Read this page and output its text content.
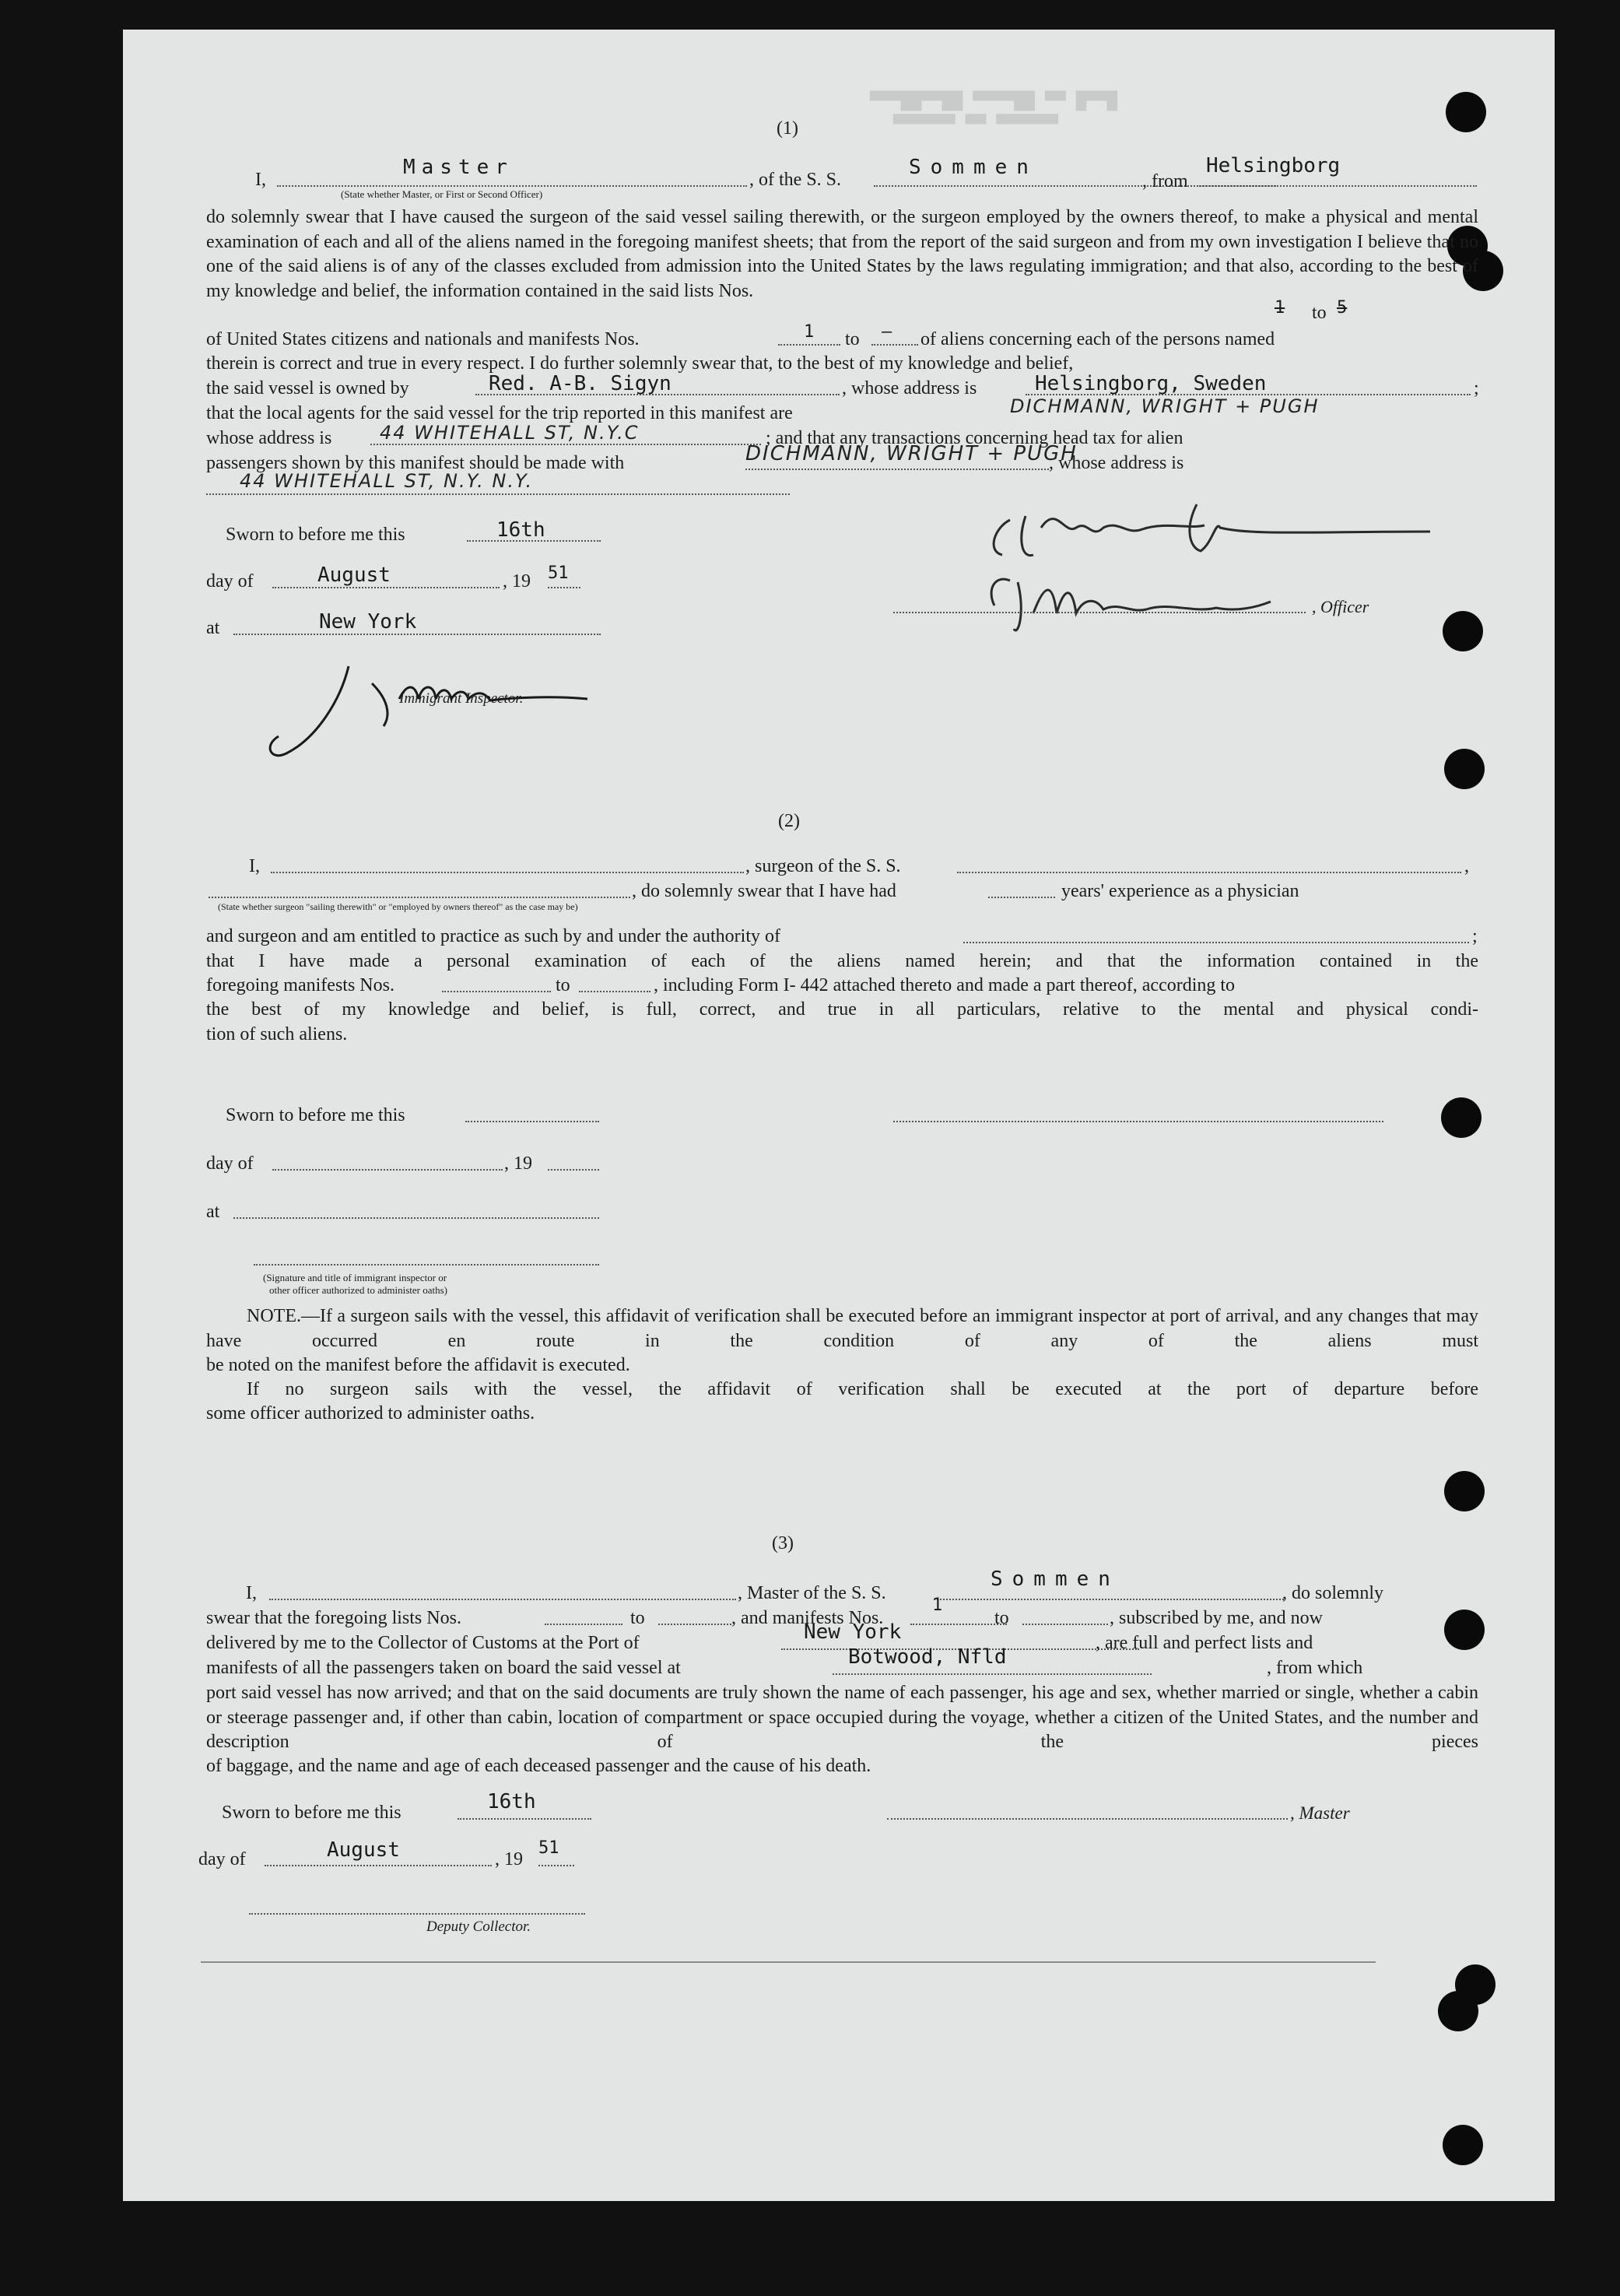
█▀▀█ ▀▀ ██▀▀▀▀ ██▀▀██▀▀▀
▀▀▀▀▀▀ ▀▀ ▀▀▀▀▀▀
(1)
I,
Master
(State whether Master, or First or Second Officer)
, of the S. S.
Sommen
, from
Helsingborg
do solemnly swear that I have caused the surgeon of the said vessel sailing therewith, or the surgeon employed by the owners thereof, to make a physical and mental examination of each and all of the aliens named in the foregoing manifest sheets; that from the report of the said surgeon and from my own investigation I believe that no one of the said aliens is of any of the classes excluded from admission into the United States by the laws regulating immigration; and that also, according to the best of my knowledge and belief, the information contained in the said lists Nos.
1 to 5
of United States citizens and nationals and manifests Nos.	1 to — of aliens concerning each of the persons named
therein is correct and true in every respect. I do further solemnly swear that, to the best of my knowledge and belief,
the said vessel is owned by	Red. A-B. Sigyn	, whose address is	Helsingborg, Sweden	;
that the local agents for the said vessel for the trip reported in this manifest are	DICHMANN, WRIGHT + PUGH
whose address is	44 WHITEHALL ST, N.Y.C	; and that any transactions concerning head tax for alien
passengers shown by this manifest should be made with	DICHMANN, WRIGHT + PUGH
, whose address is
44 WHITEHALL ST, N.Y. N.Y.
Sworn to before me this	16th
day of	August	, 19 51
at	New York
Immigrant Inspector.
, Officer
(2)
I,	, surgeon of the S. S.	,
, do solemnly swear that I have had	years' experience as a physician
(State whether surgeon "sailing therewith" or "employed by owners thereof" as the case may be)
and surgeon and am entitled to practice as such by and under the authority of	;
that I have made a personal examination of each of the aliens named herein; and that the information contained in the
foregoing manifests Nos.	to	, including Form I- 442 attached thereto and made a part thereof, according to
the best of my knowledge and belief, is full, correct, and true in all particulars, relative to the mental and physical condi-
tion of such aliens.
Sworn to before me this
day of	, 19
at
(Signature and title of immigrant inspector or
other officer authorized to administer oaths)
NOTE.—If a surgeon sails with the vessel, this affidavit of verification shall be executed before an immigrant inspector at port of arrival, and any changes that may have occurred en route in the condition of any of the aliens must
be noted on the manifest before the affidavit is executed.
If no surgeon sails with the vessel, the affidavit of verification shall be executed at the port of departure before
some officer authorized to administer oaths.
(3)
I,	, Master of the S. S.
Sommen
, do solemnly
swear that the foregoing lists Nos.	to	, and manifests Nos.
1
to	, subscribed by me, and now
delivered by me to the Collector of Customs at the Port of	New York	, are full and perfect lists and
manifests of all the passengers taken on board the said vessel at	Botwood, Nfld	, from which
port said vessel has now arrived; and that on the said documents are truly shown the name of each passenger, his age and sex, whether married or single, whether a cabin or steerage passenger and, if other than cabin, location of compartment or space occupied during the voyage, whether a citizen of the United States, and the number and description of the pieces
of baggage, and the name and age of each deceased passenger and the cause of his death.
Sworn to before me this	16th	, Master
day of	August	, 19
51
Deputy Collector.
